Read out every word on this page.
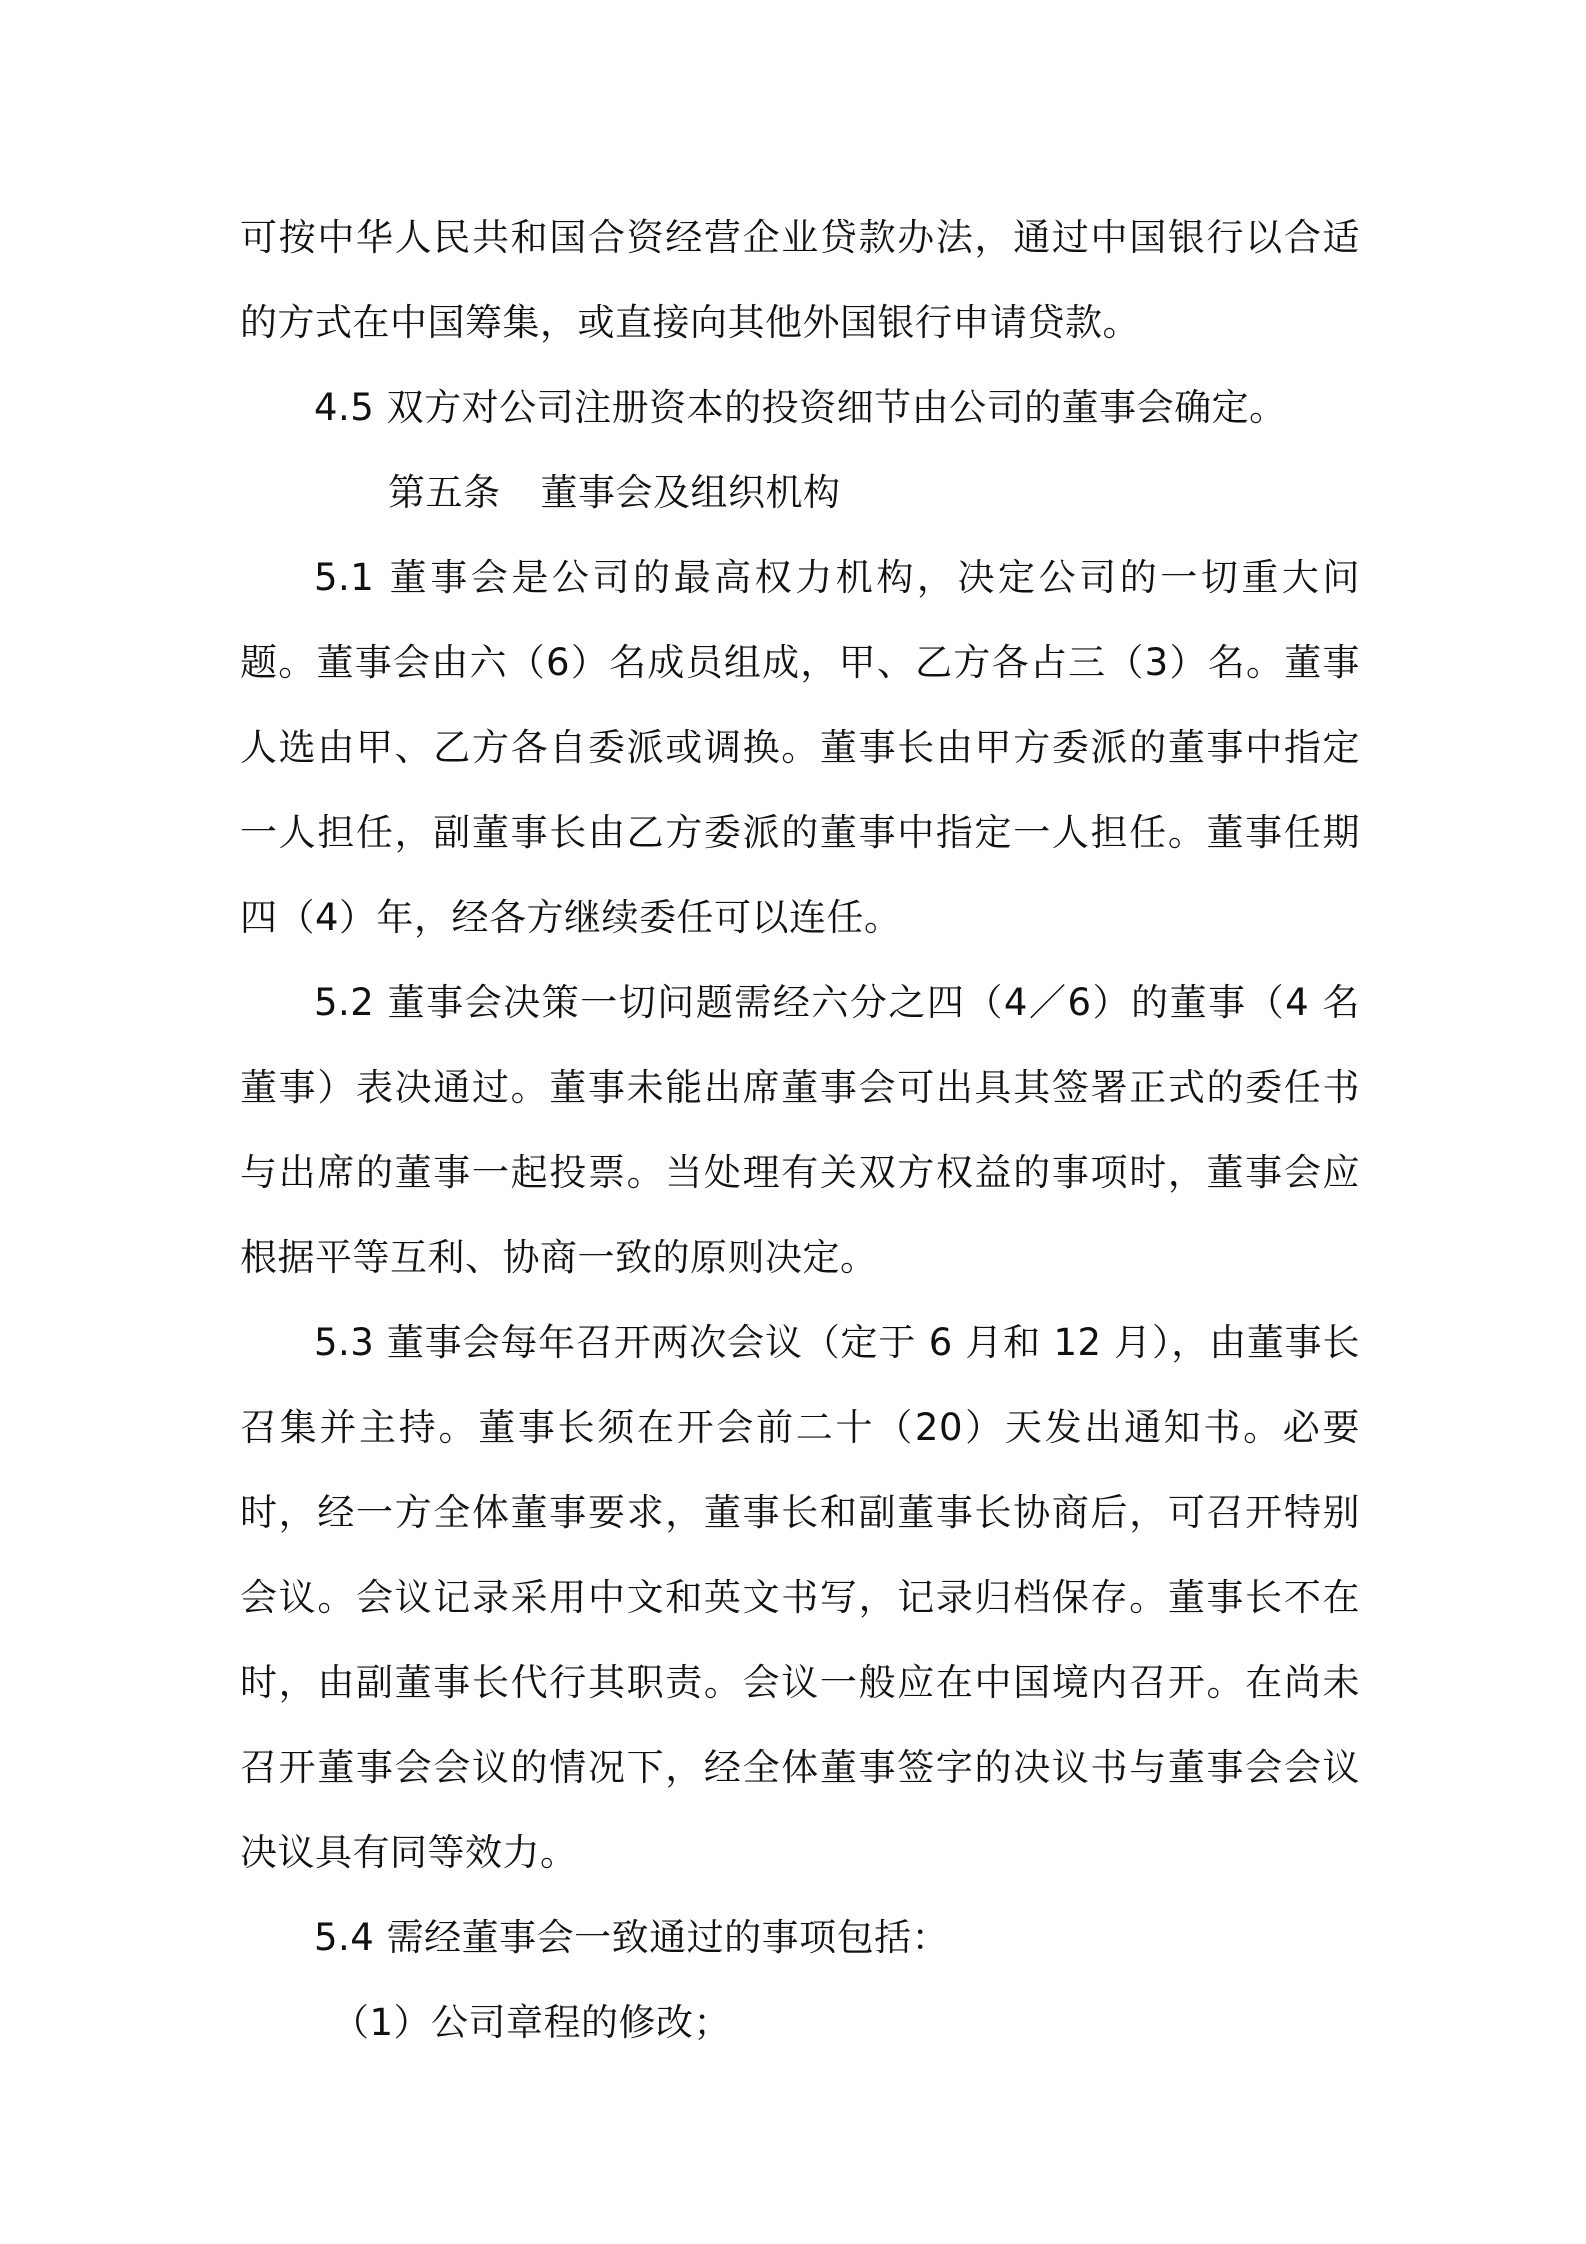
可按中华人民共和国合资经营企业贷款办法，通过中国银行以合适的方式在中国筹集，或直接向其他外国银行申请贷款。

4.5 双方对公司注册资本的投资细节由公司的董事会确定。

第五条 董事会及组织机构

5.1 董事会是公司的最高权力机构，决定公司的一切重大问题。董事会由六（6）名成员组成，甲、乙方各占三（3）名。董事人选由甲、乙方各自委派或调换。董事长由甲方委派的董事中指定一人担任，副董事长由乙方委派的董事中指定一人担任。董事任期四（4）年，经各方继续委任可以连任。

5.2 董事会决策一切问题需经六分之四（4／6）的董事（4 名董事）表决通过。董事未能出席董事会可出具其签署正式的委任书与出席的董事一起投票。当处理有关双方权益的事项时，董事会应根据平等互利、协商一致的原则决定。

5.3 董事会每年召开两次会议（定于 6 月和 12 月），由董事长召集并主持。董事长须在开会前二十（20）天发出通知书。必要时，经一方全体董事要求，董事长和副董事长协商后，可召开特别会议。会议记录采用中文和英文书写，记录归档保存。董事长不在时，由副董事长代行其职责。会议一般应在中国境内召开。在尚未召开董事会会议的情况下，经全体董事签字的决议书与董事会会议决议具有同等效力。

5.4 需经董事会一致通过的事项包括：

（1）公司章程的修改；
